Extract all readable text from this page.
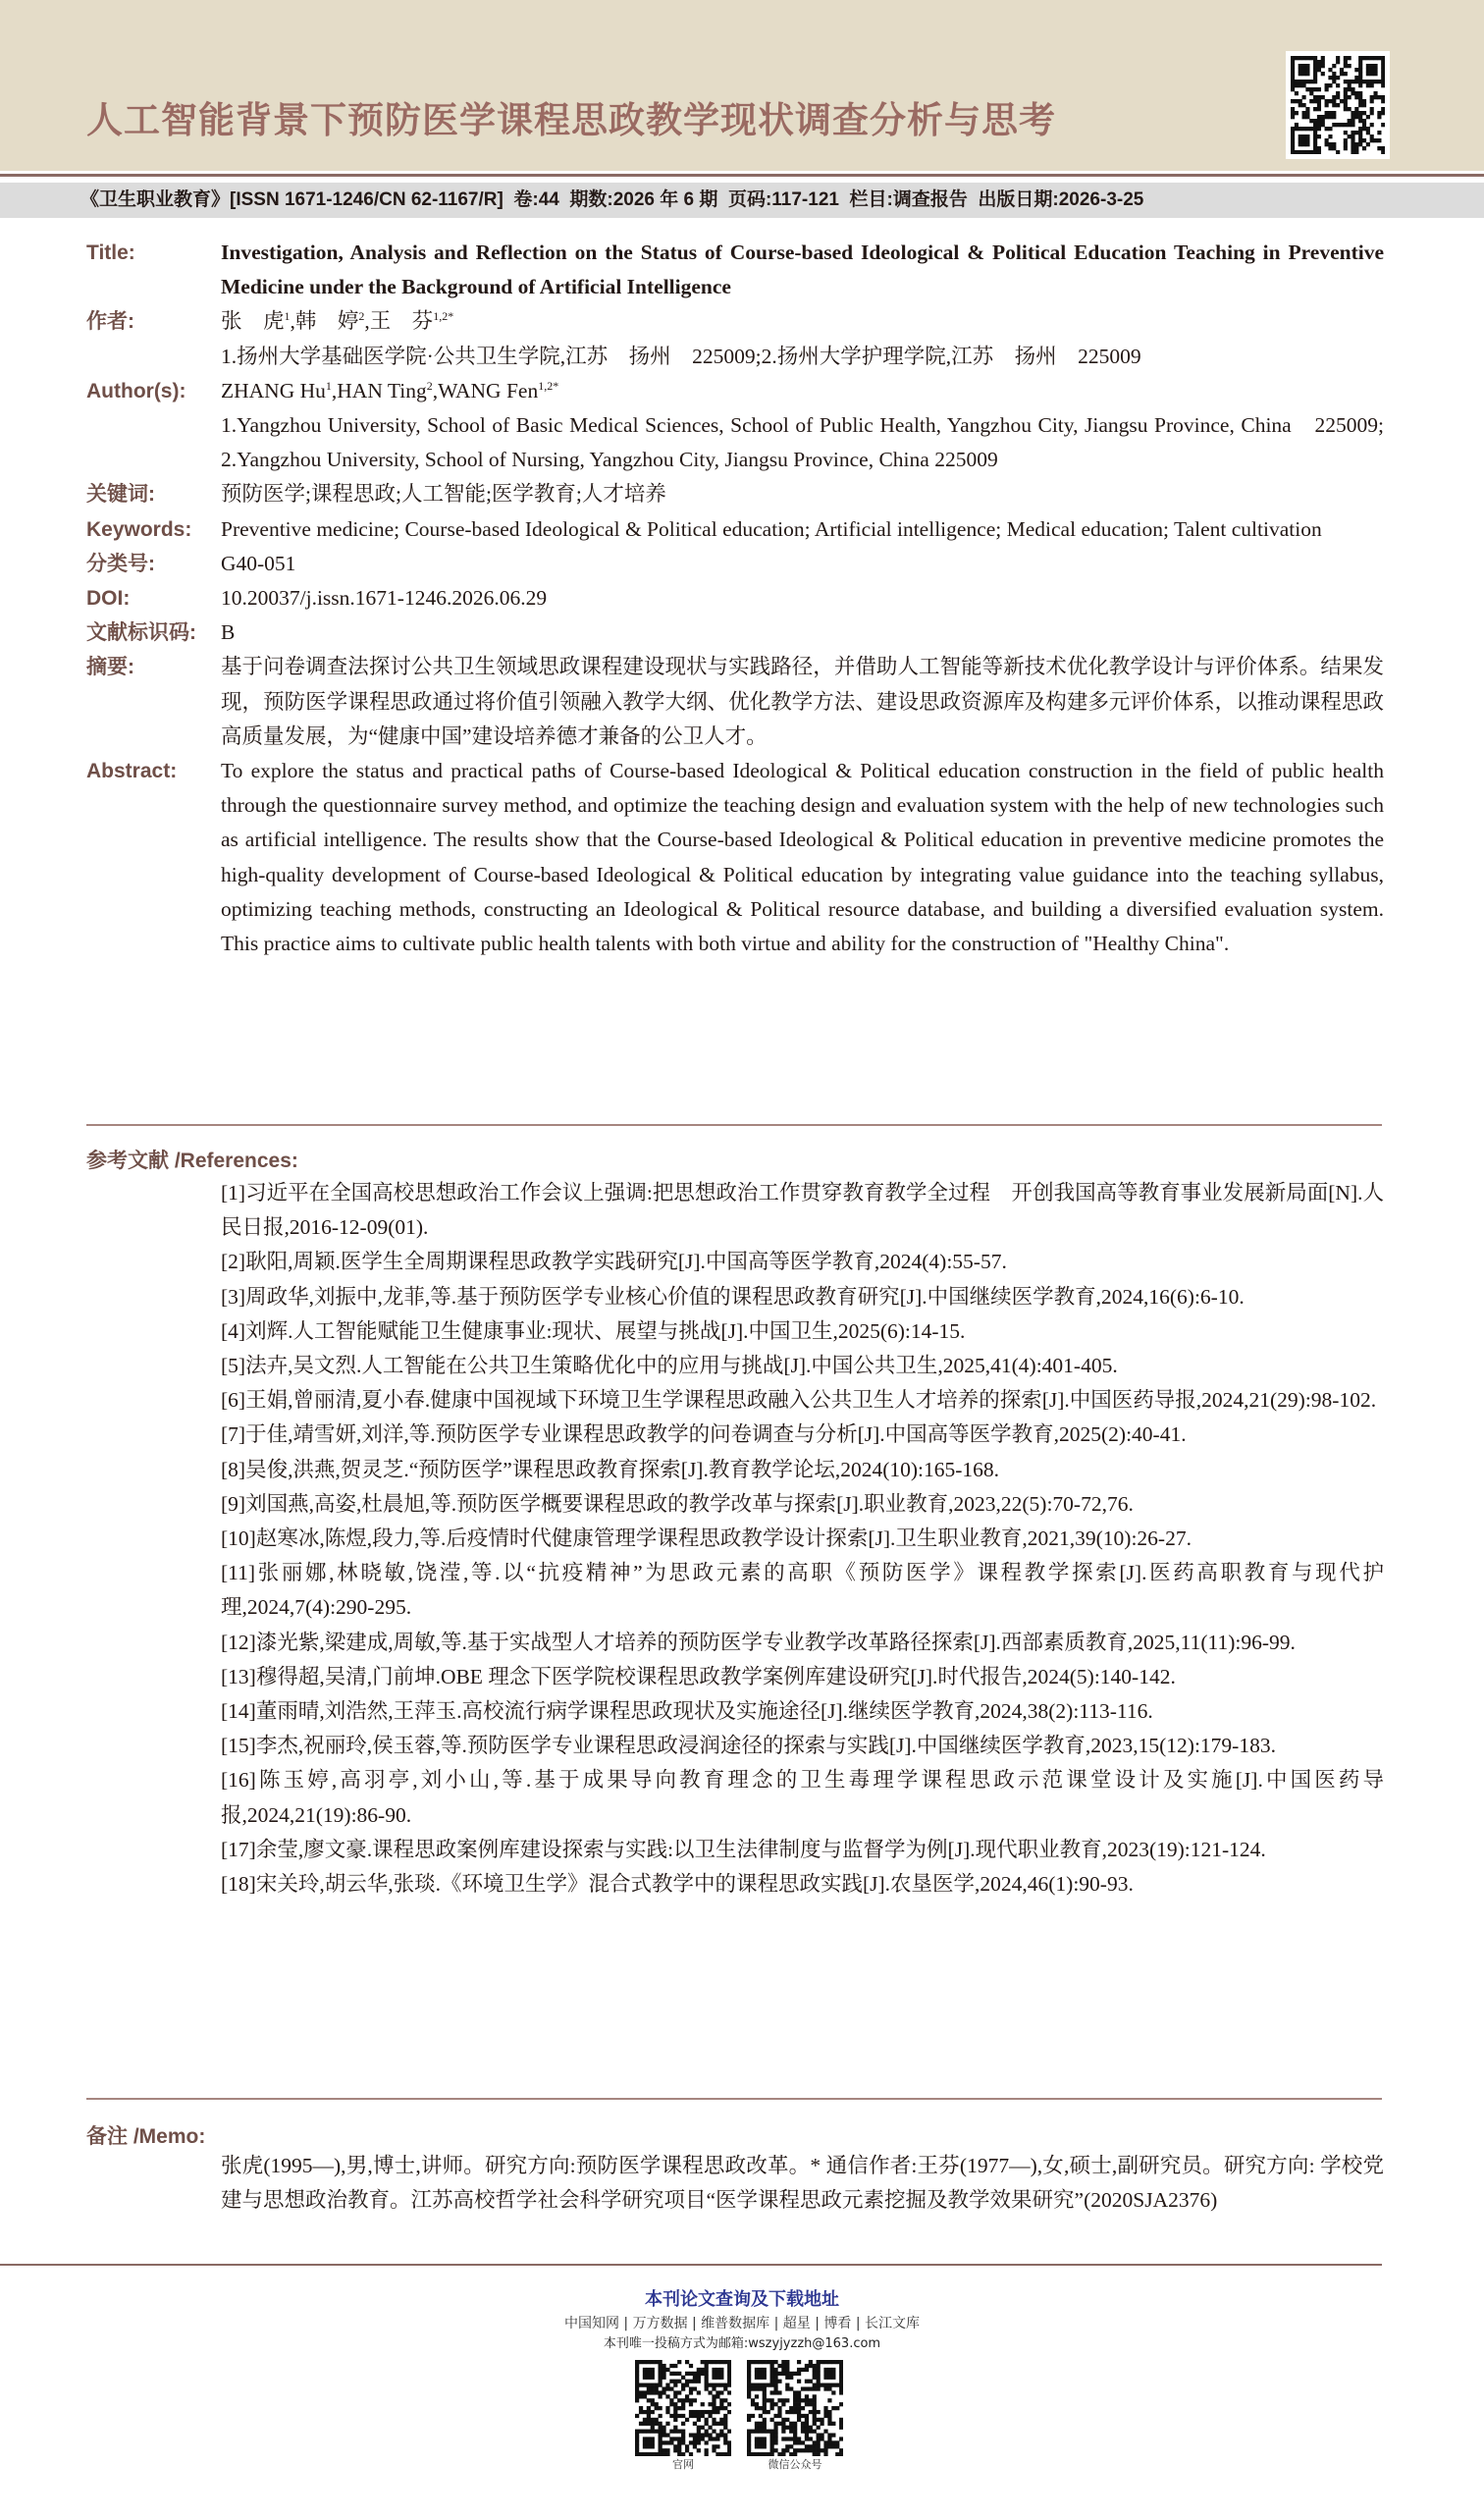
人工智能背景下预防医学课程思政教学现状调查分析与思考
《卫生职业教育》[ISSN 1671-1246/CN 62-1167/R]  卷:44  期数:2026 年 6 期  页码:117-121  栏目:调查报告  出版日期:2026-3-25
Title:	Investigation, Analysis and Reflection on the Status of Course-based Ideological & Political Education Teaching in Preventive Medicine under the Background of Artificial Intelligence
作者:	张　虎$^1$,韩　婷$^2$,王　芬$^{1,2*}$
1.扬州大学基础医学院·公共卫生学院,江苏　扬州　225009;2.扬州大学护理学院,江苏　扬州　225009
Author(s):	ZHANG Hu$^1$,HAN Ting$^2$,WANG Fen$^{1,2*}$

1.Yangzhou University, School of Basic Medical Sciences, School of Public Health, Yangzhou City, Jiangsu Province, China　225009; 2.Yangzhou University, School of Nursing, Yangzhou City, Jiangsu Province, China 225009

关键词:	预防医学;课程思政;人工智能;医学教育;人才培养
Keywords:	Preventive medicine; Course-based Ideological & Political education; Artificial intelligence; Medical education; Talent cultivation
分类号:	G40-051
DOI:	10.20037/j.issn.1671-1246.2026.06.29
文献标识码:	B
摘要:	基于问卷调查法探讨公共卫生领域思政课程建设现状与实践路径，并借助人工智能等新技术优化教学设计与评价体系。结果发现，预防医学课程思政通过将价值引领融入教学大纲、优化教学方法、建设思政资源库及构建多元评价体系，以推动课程思政高质量发展，为“健康中国”建设培养德才兼备的公卫人才。
Abstract:	To explore the status and practical paths of Course-based Ideological & Political education construction in the field of public health through the questionnaire survey method, and optimize the teaching design and evaluation system with the help of new technologies such as artificial intelligence. The results show that the Course-based Ideological & Political education in preventive medicine promotes the high-quality development of Course-based Ideological & Political education by integrating value guidance into the teaching syllabus, optimizing teaching methods, constructing an Ideological & Political resource database, and building a diversified evaluation system. This practice aims to cultivate public health talents with both virtue and ability for the construction of "Healthy China".
参考文献 /References:
[1]习近平在全国高校思想政治工作会议上强调:把思想政治工作贯穿教育教学全过程　开创我国高等教育事业发展新局面[N].人民日报,2016-12-09(01).
[2]耿阳,周颖.医学生全周期课程思政教学实践研究[J].中国高等医学教育,2024(4):55-57.
[3]周政华,刘振中,龙菲,等.基于预防医学专业核心价值的课程思政教育研究[J].中国继续医学教育,2024,16(6):6-10.
[4]刘辉.人工智能赋能卫生健康事业:现状、展望与挑战[J].中国卫生,2025(6):14-15.
[5]法卉,吴文烈.人工智能在公共卫生策略优化中的应用与挑战[J].中国公共卫生,2025,41(4):401-405.
[6]王娟,曾丽清,夏小春.健康中国视域下环境卫生学课程思政融入公共卫生人才培养的探索[J].中国医药导报,2024,21(29):98-102.
[7]于佳,靖雪妍,刘洋,等.预防医学专业课程思政教学的问卷调查与分析[J].中国高等医学教育,2025(2):40-41.
[8]吴俊,洪燕,贺灵芝.“预防医学”课程思政教育探索[J].教育教学论坛,2024(10):165-168.
[9]刘国燕,高姿,杜晨旭,等.预防医学概要课程思政的教学改革与探索[J].职业教育,2023,22(5):70-72,76.
[10]赵寒冰,陈煜,段力,等.后疫情时代健康管理学课程思政教学设计探索[J].卫生职业教育,2021,39(10):26-27.
[11]张丽娜,林晓敏,饶滢,等.以“抗疫精神”为思政元素的高职《预防医学》课程教学探索[J].医药高职教育与现代护理,2024,7(4):290-295.
[12]漆光紫,梁建成,周敏,等.基于实战型人才培养的预防医学专业教学改革路径探索[J].西部素质教育,2025,11(11):96-99.
[13]穆得超,吴清,门前坤.OBE 理念下医学院校课程思政教学案例库建设研究[J].时代报告,2024(5):140-142.
[14]董雨晴,刘浩然,王萍玉.高校流行病学课程思政现状及实施途径[J].继续医学教育,2024,38(2):113-116.
[15]李杰,祝丽玲,侯玉蓉,等.预防医学专业课程思政浸润途径的探索与实践[J].中国继续医学教育,2023,15(12):179-183.
[16]陈玉婷,高羽亭,刘小山,等.基于成果导向教育理念的卫生毒理学课程思政示范课堂设计及实施[J].中国医药导报,2024,21(19):86-90.
[17]余莹,廖文豪.课程思政案例库建设探索与实践:以卫生法律制度与监督学为例[J].现代职业教育,2023(19):121-124.
[18]宋关玲,胡云华,张琰.《环境卫生学》混合式教学中的课程思政实践[J].农垦医学,2024,46(1):90-93.
备注 /Memo:
张虎(1995—),男,博士,讲师。研究方向:预防医学课程思政改革。* 通信作者:王芬(1977—),女,硕士,副研究员。研究方向: 学校党建与思想政治教育。江苏高校哲学社会科学研究项目“医学课程思政元素挖掘及教学效果研究”(2020SJA2376)
本刊论文查询及下载地址
中国知网 | 万方数据 | 维普数据库 | 超星 | 博看 | 长江文库
本刊唯一投稿方式为邮箱:wszyjyzzh@163.com
官网	微信公众号
